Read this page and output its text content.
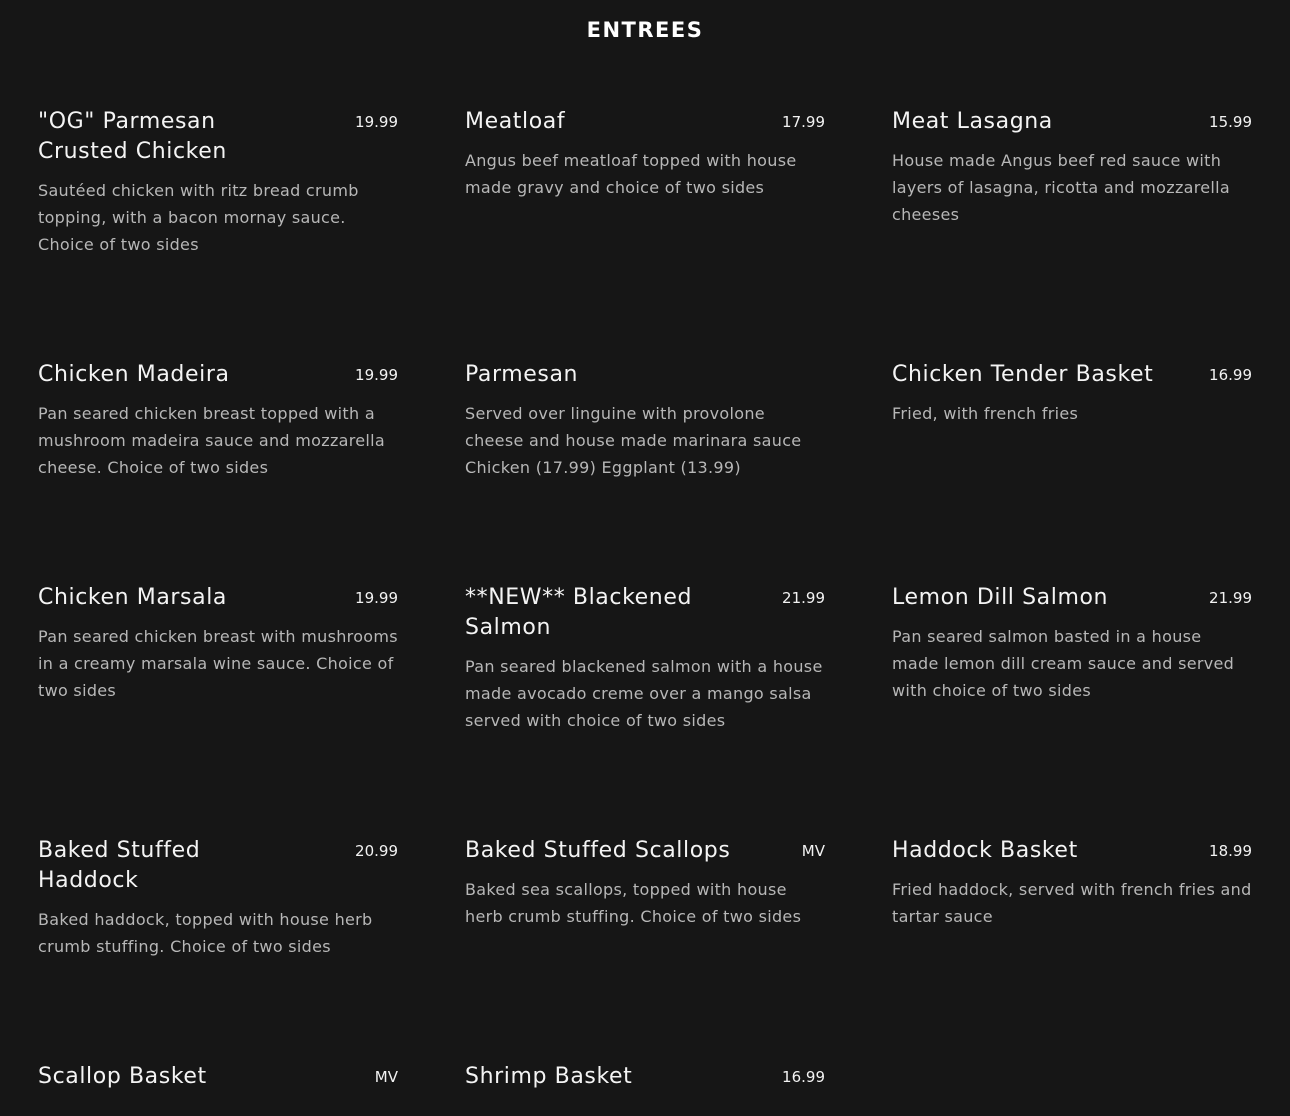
ENTREES
"OG" Parmesan Crusted Chicken
19.99
Sautéed chicken with ritz bread crumb topping, with a bacon mornay sauce. Choice of two sides
Meatloaf	17.99
Angus beef meatloaf topped with house made gravy and choice of two sides
Meat Lasagna	15.99
House made Angus beef red sauce with layers of lasagna, ricotta and mozzarella cheeses
Chicken Madeira	19.99
Pan seared chicken breast topped with a mushroom madeira sauce and mozzarella cheese. Choice of two sides
Parmesan
Served over linguine with provolone cheese and house made marinara sauce
Chicken (17.99) Eggplant (13.99)
Chicken Tender Basket	16.99
Fried, with french fries
Chicken Marsala	19.99
Pan seared chicken breast with mushrooms in a creamy marsala wine sauce. Choice of two sides
**NEW** Blackened Salmon
21.99
Pan seared blackened salmon with a house made avocado creme over a mango salsa served with choice of two sides
Lemon Dill Salmon	21.99
Pan seared salmon basted in a house made lemon dill cream sauce and served with choice of two sides
Baked Stuffed Haddock
20.99
Baked haddock, topped with house herb crumb stuffing. Choice of two sides
Baked Stuffed Scallops	MV
Baked sea scallops, topped with house herb crumb stuffing. Choice of two sides
Haddock Basket	18.99
Fried haddock, served with french fries and tartar sauce
Scallop Basket	MV	Shrimp Basket	16.99
